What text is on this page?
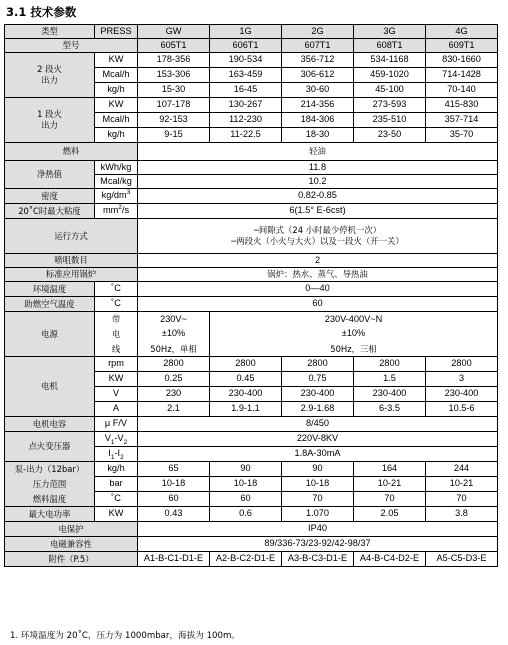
3.1 技术参数
类型	PRESS	GW	1G	2G	3G	4G
型号		605T1	606T1	607T1	608T1	609T1

2 段火
出力	KW	178-356	190-534	356-712	534-1168	830-1660
	Mcal/h	153-306	163-459	306-612	459-1020	714-1428
	kg/h	15-30	16-45	30-60	45-100	70-140

1 段火
出力	KW	107-178	130-267	214-356	273-593	415-830
	Mcal/h	92-153	112-230	184-306	235-510	357-714
	kg/h	9-15	11-22.5	18-30	23-50	35-70
燃料		轻油				
净热值	kWh/kg	11.8				
	Mcal/kg	10.2				
密度	$kg/dm^3$	0.82-0.85				
20˚C时最大粘度	$mm^2/s$	6(1.5° E-6cst)				
运行方式		─间隙式（24 小时最少停机一次）
─两段火（小火与大火）以及一段火（开一关）				

喷咀数目		2				
标准应用锅炉		锅炉：热水、蒸气、导热油				
环境温度	˚C	0—40				
助燃空气温度	˚C	60				
电源	带	230V~	230V-400V~N			
	电	±10%	±10%			
	线	50Hz，单相	50Hz，三相			
电机	rpm	2800	2800	2800	2800	2800
	KW	0.25	0.45	0.75	1.5	3
	V	230	230-400	230-400	230-400	230-400
	A	2.1	1.9-1.1	2.9-1.68	6-3.5	10.5-6
电机电容	μ F/V	8/450				
点火变压器	$V_1-V_2$	220V-8KV				
	$I_1-I_2$	1.8A-30mA				
泵-出力（12bar）	kg/h	65	90	90	164	244
压力范围	bar	10-18	10-18	10-18	10-21	10-21
燃料温度	˚C	60	60	70	70	70
最大电功率	KW	0.43	0.6	1.070	2.05	3.8
电保护		IP40				
电磁兼容性		89/336-73/23-92/42-98/37				
附件（P.5）		A1-B-C1-D1-E	A2-B-C2-D1-E	A3-B-C3-D1-E	A4-B-C4-D2-E	A5-C5-D3-E
1. 环境温度为 20˚C，压力为 1000mbar，海拔为 100m。
